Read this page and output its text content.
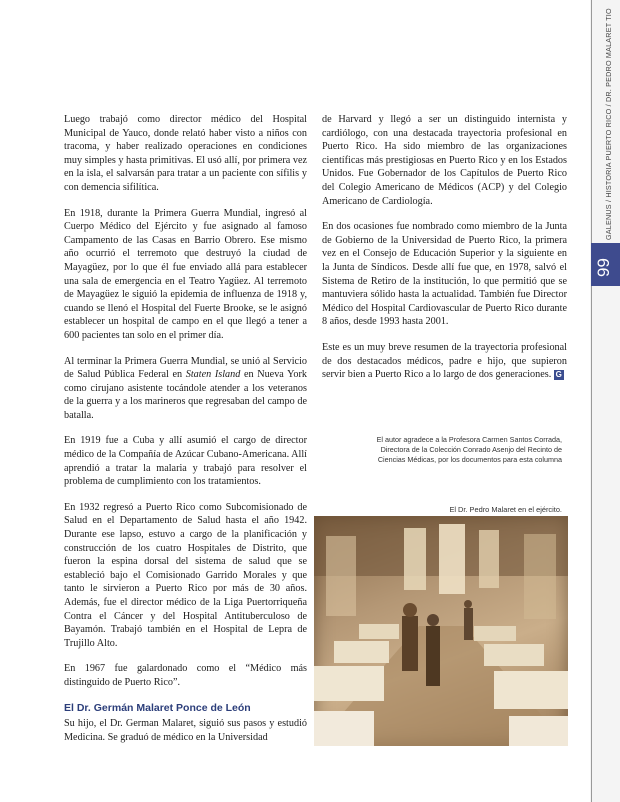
GALENUS / HISTORIA PUERTO RICO / DR. PEDRO MALARET TIO
99

Luego trabajó como director médico del Hospital Municipal de Yauco, donde relató haber visto a niños con tracoma, y haber realizado operaciones en condiciones muy simples y hasta primitivas. El usó allí, por primera vez en la isla, el salvarsán para tratar a un paciente con sífilis y con demencia sifilítica.

En 1918, durante la Primera Guerra Mundial, ingresó al Cuerpo Médico del Ejército y fue asignado al famoso Campamento de las Casas en Barrio Obrero. Ese mismo año ocurrió el terremoto que destruyó la ciudad de Mayagüez, por lo que él fue enviado allá para establecer una sala de emergencia en el Teatro Yagüez. Al terremoto de Mayagüez le siguió la epidemia de influenza de 1918 y, cuando se llenó el Hospital del Fuerte Brooke, se le asignó establecer un hospital de campo en el que llegó a tener a 600 pacientes tan solo en el primer día.

Al terminar la Primera Guerra Mundial, se unió al Servicio de Salud Pública Federal en Staten Island en Nueva York como cirujano asistente tocándole atender a los veteranos de la guerra y a los marineros que regresaban del campo de batalla.

En 1919 fue a Cuba y allí asumió el cargo de director médico de la Compañía de Azúcar Cubano-Americana. Allí aprendió a tratar la malaria y trabajó para resolver el problema de cumplimiento con los tratamientos.

En 1932 regresó a Puerto Rico como Subcomisionado de Salud en el Departamento de Salud hasta el año 1942. Durante ese lapso, estuvo a cargo de la planificación y construcción de los cuatro Hospitales de Distrito, que fueron la espina dorsal del sistema de salud que se estableció bajo el Comisionado Garrido Morales y que tanto le sirvieron a Puerto Rico por más de 30 años. Además, fue el director médico de la Liga Puertorriqueña Contra el Cáncer y del Hospital Antituberculoso de Bayamón. Trabajó también en el Hospital de Lepra de Trujillo Alto.

En 1967 fue galardonado como el “Médico más distinguido de Puerto Rico”.

El Dr. Germán Malaret Ponce de León

Su hijo, el Dr. German Malaret, siguió sus pasos y estudió Medicina. Se graduó de médico en la Universidad

de Harvard y llegó a ser un distinguido internista y cardiólogo, con una destacada trayectoria profesional en Puerto Rico. Ha sido miembro de las organizaciones científicas más prestigiosas en Puerto Rico y en los Estados Unidos. Fue Gobernador de los Capítulos de Puerto Rico del Colegio Americano de Médicos (ACP) y del Colegio Americano de Cardiología.

En dos ocasiones fue nombrado como miembro de la Junta de Gobierno de la Universidad de Puerto Rico, la primera vez en el Consejo de Educación Superior y la siguiente en la Junta de Síndicos. Desde allí fue que, en 1978, salvó el Sistema de Retiro de la institución, lo que permitió que se mantuviera sólido hasta la actualidad. También fue Director Médico del Hospital Cardiovascular de Puerto Rico durante 8 años, desde 1993 hasta 2001.

Este es un muy breve resumen de la trayectoria profesional de dos destacados médicos, padre e hijo, que supieron servir bien a Puerto Rico a lo largo de dos generaciones. G

El autor agradece a la Profesora Carmen Santos Corrada,
Directora de la Colección Conrado Asenjo del Recinto de
Ciencias Médicas, por los documentos para esta columna
El Dr. Pedro Malaret en el ejército.
